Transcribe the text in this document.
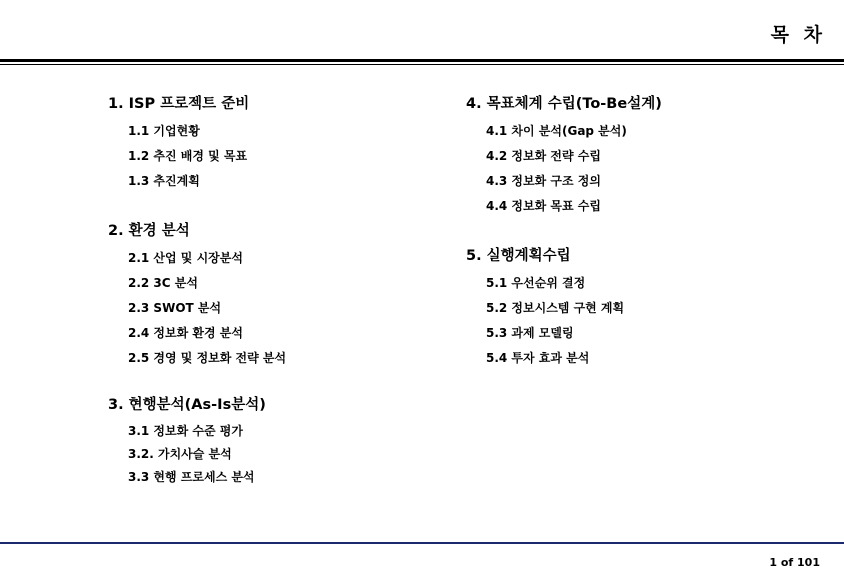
목 차
1. ISP 프로젝트 준비
1.1 기업현황
1.2 추진 배경 및 목표
1.3 추진계획
2. 환경 분석
2.1 산업 및 시장분석
2.2 3C 분석
2.3 SWOT 분석
2.4 정보화 환경 분석
2.5 경영 및 정보화 전략 분석
3. 현행분석(As-Is분석)
3.1 정보화 수준 평가
3.2. 가치사슬 분석
3.3 현행 프로세스 분석
4. 목표체계 수립(To-Be설계)
4.1 차이 분석(Gap 분석)
4.2 정보화 전략 수립
4.3 정보화 구조 정의
4.4 정보화 목표 수립
5. 실행계획수립
5.1 우선순위 결정
5.2 정보시스템 구현 계획
5.3 과제 모델링
5.4 투자 효과 분석
1 of 101
